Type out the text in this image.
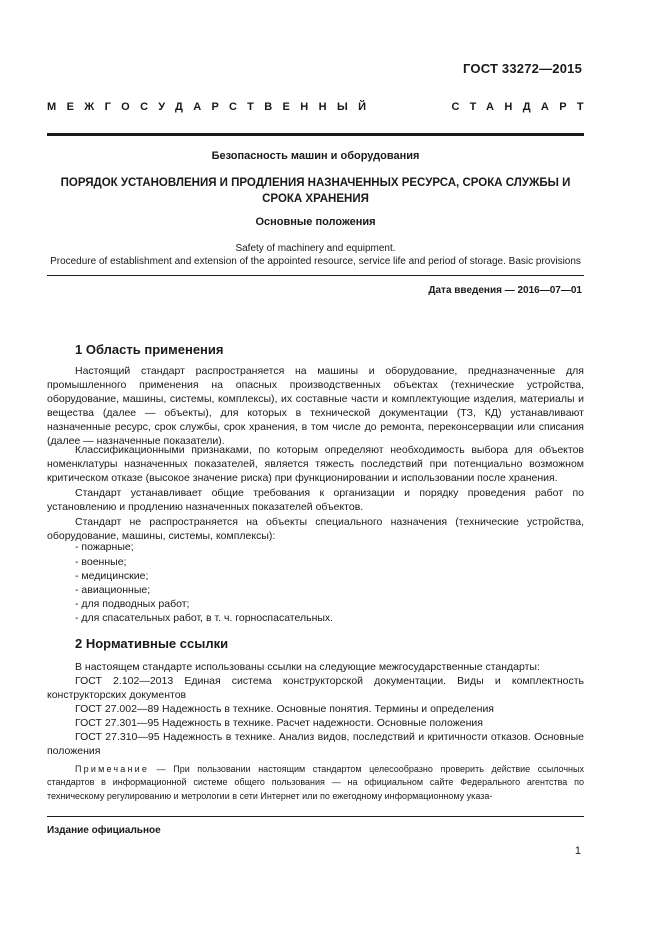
ГОСТ 33272—2015
МЕЖГОСУДАРСТВЕННЫЙ	СТАНДАРТ
Безопасность машин и оборудования
ПОРЯДОК УСТАНОВЛЕНИЯ И ПРОДЛЕНИЯ НАЗНАЧЕННЫХ РЕСУРСА, СРОКА СЛУЖБЫ И СРОКА ХРАНЕНИЯ
Основные положения
Safety of machinery and equipment.
Procedure of establishment and extension of the appointed resource, service life and period of storage. Basic provisions
Дата введения — 2016—07—01
1 Область применения
Настоящий стандарт распространяется на машины и оборудование, предназначенные для промышленного применения на опасных производственных объектах (технические устройства, оборудование, машины, системы, комплексы), их составные части и комплектующие изделия, материалы и вещества (далее — объекты), для которых в технической документации (ТЗ, КД) устанавливают назначенные ресурс, срок службы, срок хранения, в том числе до ремонта, переконсервации или списания (далее — назначенные показатели).
Классификационными признаками, по которым определяют необходимость выбора для объектов номенклатуры назначенных показателей, является тяжесть последствий при потенциально возможном критическом отказе (высокое значение риска) при функционировании и использовании после хранения.
Стандарт устанавливает общие требования к организации и порядку проведения работ по установлению и продлению назначенных показателей объектов.
Стандарт не распространяется на объекты специального назначения (технические устройства, оборудование, машины, системы, комплексы):
- пожарные;
- военные;
- медицинские;
- авиационные;
- для подводных работ;
- для спасательных работ, в т. ч. горноспасательных.
2 Нормативные ссылки
В настоящем стандарте использованы ссылки на следующие межгосударственные стандарты:
ГОСТ 2.102—2013 Единая система конструкторской документации. Виды и комплектность конструкторских документов
ГОСТ 27.002—89 Надежность в технике. Основные понятия. Термины и определения
ГОСТ 27.301—95 Надежность в технике. Расчет надежности. Основные положения
ГОСТ 27.310—95 Надежность в технике. Анализ видов, последствий и критичности отказов. Основные положения
Примечание — При пользовании настоящим стандартом целесообразно проверить действие ссылочных стандартов в информационной системе общего пользования — на официальном сайте Федерального агентства по техническому регулированию и метрологии в сети Интернет или по ежегодному информационному указа-
Издание официальное
1
